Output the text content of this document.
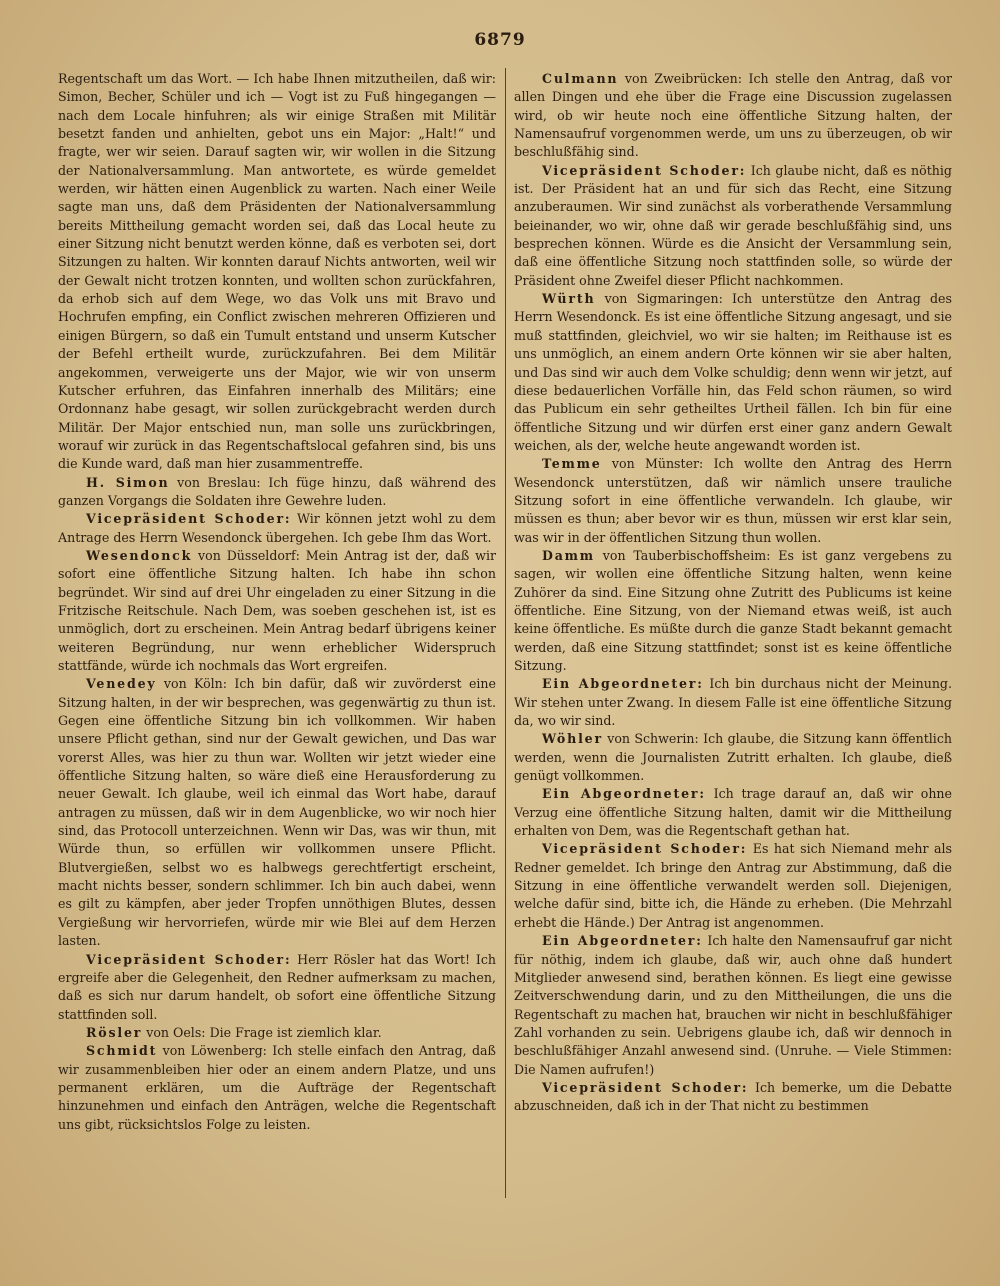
6879

Regentschaft um das Wort. — Ich habe Ihnen mitzutheilen, daß wir: Simon, Becher, Schüler und ich — Vogt ist zu Fuß hingegangen — nach dem Locale hinfuhren; als wir einige Straßen mit Militär besetzt fanden und anhielten, gebot uns ein Major: „Halt!“ und fragte, wer wir seien. Darauf sagten wir, wir wollen in die Sitzung der Nationalversammlung. Man antwortete, es würde gemeldet werden, wir hätten einen Augenblick zu warten. Nach einer Weile sagte man uns, daß dem Präsidenten der Nationalversammlung bereits Mittheilung gemacht worden sei, daß das Local heute zu einer Sitzung nicht benutzt werden könne, daß es verboten sei, dort Sitzungen zu halten. Wir konnten darauf Nichts antworten, weil wir der Gewalt nicht trotzen konnten, und wollten schon zurückfahren, da erhob sich auf dem Wege, wo das Volk uns mit Bravo und Hochrufen empfing, ein Conflict zwischen mehreren Offizieren und einigen Bürgern, so daß ein Tumult entstand und unserm Kutscher der Befehl ertheilt wurde, zurückzufahren. Bei dem Militär angekommen, verweigerte uns der Major, wie wir von unserm Kutscher erfuhren, das Einfahren innerhalb des Militärs; eine Ordonnanz habe gesagt, wir sollen zurückgebracht werden durch Militär. Der Major entschied nun, man solle uns zurückbringen, worauf wir zurück in das Regentschaftslocal gefahren sind, bis uns die Kunde ward, daß man hier zusammentreffe.

H. Simon von Breslau: Ich füge hinzu, daß während des ganzen Vorgangs die Soldaten ihre Gewehre luden.

Vicepräsident Schoder: Wir können jetzt wohl zu dem Antrage des Herrn Wesendonck übergehen. Ich gebe Ihm das Wort.

Wesendonck von Düsseldorf: Mein Antrag ist der, daß wir sofort eine öffentliche Sitzung halten. Ich habe ihn schon begründet. Wir sind auf drei Uhr eingeladen zu einer Sitzung in die Fritzische Reitschule. Nach Dem, was soeben geschehen ist, ist es unmöglich, dort zu erscheinen. Mein Antrag bedarf übrigens keiner weiteren Begründung, nur wenn erheblicher Widerspruch stattfände, würde ich nochmals das Wort ergreifen.

Venedey von Köln: Ich bin dafür, daß wir zuvörderst eine Sitzung halten, in der wir besprechen, was gegenwärtig zu thun ist. Gegen eine öffentliche Sitzung bin ich vollkommen. Wir haben unsere Pflicht gethan, sind nur der Gewalt gewichen, und Das war vorerst Alles, was hier zu thun war. Wollten wir jetzt wieder eine öffentliche Sitzung halten, so wäre dieß eine Herausforderung zu neuer Gewalt. Ich glaube, weil ich einmal das Wort habe, darauf antragen zu müssen, daß wir in dem Augenblicke, wo wir noch hier sind, das Protocoll unterzeichnen. Wenn wir Das, was wir thun, mit Würde thun, so erfüllen wir vollkommen unsere Pflicht. Blutvergießen, selbst wo es halbwegs gerechtfertigt erscheint, macht nichts besser, sondern schlimmer. Ich bin auch dabei, wenn es gilt zu kämpfen, aber jeder Tropfen unnöthigen Blutes, dessen Vergießung wir hervorriefen, würde mir wie Blei auf dem Herzen lasten.

Vicepräsident Schoder: Herr Rösler hat das Wort! Ich ergreife aber die Gelegenheit, den Redner aufmerksam zu machen, daß es sich nur darum handelt, ob sofort eine öffentliche Sitzung stattfinden soll.

Rösler von Oels: Die Frage ist ziemlich klar.

Schmidt von Löwenberg: Ich stelle einfach den Antrag, daß wir zusammenbleiben hier oder an einem andern Platze, und uns permanent erklären, um die Aufträge der Regentschaft hinzunehmen und einfach den Anträgen, welche die Regentschaft uns gibt, rücksichtslos Folge zu leisten.

Culmann von Zweibrücken: Ich stelle den Antrag, daß vor allen Dingen und ehe über die Frage eine Discussion zugelassen wird, ob wir heute noch eine öffentliche Sitzung halten, der Namensaufruf vorgenommen werde, um uns zu überzeugen, ob wir beschlußfähig sind.

Vicepräsident Schoder: Ich glaube nicht, daß es nöthig ist. Der Präsident hat an und für sich das Recht, eine Sitzung anzuberaumen. Wir sind zunächst als vorberathende Versammlung beieinander, wo wir, ohne daß wir gerade beschlußfähig sind, uns besprechen können. Würde es die Ansicht der Versammlung sein, daß eine öffentliche Sitzung noch stattfinden solle, so würde der Präsident ohne Zweifel dieser Pflicht nachkommen.

Würth von Sigmaringen: Ich unterstütze den Antrag des Herrn Wesendonck. Es ist eine öffentliche Sitzung angesagt, und sie muß stattfinden, gleichviel, wo wir sie halten; im Reithause ist es uns unmöglich, an einem andern Orte können wir sie aber halten, und Das sind wir auch dem Volke schuldig; denn wenn wir jetzt, auf diese bedauerlichen Vorfälle hin, das Feld schon räumen, so wird das Publicum ein sehr getheiltes Urtheil fällen. Ich bin für eine öffentliche Sitzung und wir dürfen erst einer ganz andern Gewalt weichen, als der, welche heute angewandt worden ist.

Temme von Münster: Ich wollte den Antrag des Herrn Wesendonck unterstützen, daß wir nämlich unsere trauliche Sitzung sofort in eine öffentliche verwandeln. Ich glaube, wir müssen es thun; aber bevor wir es thun, müssen wir erst klar sein, was wir in der öffentlichen Sitzung thun wollen.

Damm von Tauberbischoffsheim: Es ist ganz vergebens zu sagen, wir wollen eine öffentliche Sitzung halten, wenn keine Zuhörer da sind. Eine Sitzung ohne Zutritt des Publicums ist keine öffentliche. Eine Sitzung, von der Niemand etwas weiß, ist auch keine öffentliche. Es müßte durch die ganze Stadt bekannt gemacht werden, daß eine Sitzung stattfindet; sonst ist es keine öffentliche Sitzung.

Ein Abgeordneter: Ich bin durchaus nicht der Meinung. Wir stehen unter Zwang. In diesem Falle ist eine öffentliche Sitzung da, wo wir sind.

Wöhler von Schwerin: Ich glaube, die Sitzung kann öffentlich werden, wenn die Journalisten Zutritt erhalten. Ich glaube, dieß genügt vollkommen.

Ein Abgeordneter: Ich trage darauf an, daß wir ohne Verzug eine öffentliche Sitzung halten, damit wir die Mittheilung erhalten von Dem, was die Regentschaft gethan hat.

Vicepräsident Schoder: Es hat sich Niemand mehr als Redner gemeldet. Ich bringe den Antrag zur Abstimmung, daß die Sitzung in eine öffentliche verwandelt werden soll. Diejenigen, welche dafür sind, bitte ich, die Hände zu erheben. (Die Mehrzahl erhebt die Hände.) Der Antrag ist angenommen.

Ein Abgeordneter: Ich halte den Namensaufruf gar nicht für nöthig, indem ich glaube, daß wir, auch ohne daß hundert Mitglieder anwesend sind, berathen können. Es liegt eine gewisse Zeitverschwendung darin, und zu den Mittheilungen, die uns die Regentschaft zu machen hat, brauchen wir nicht in beschlußfähiger Zahl vorhanden zu sein. Uebrigens glaube ich, daß wir dennoch in beschlußfähiger Anzahl anwesend sind. (Unruhe. — Viele Stimmen: Die Namen aufrufen!)

Vicepräsident Schoder: Ich bemerke, um die Debatte abzuschneiden, daß ich in der That nicht zu bestimmen
